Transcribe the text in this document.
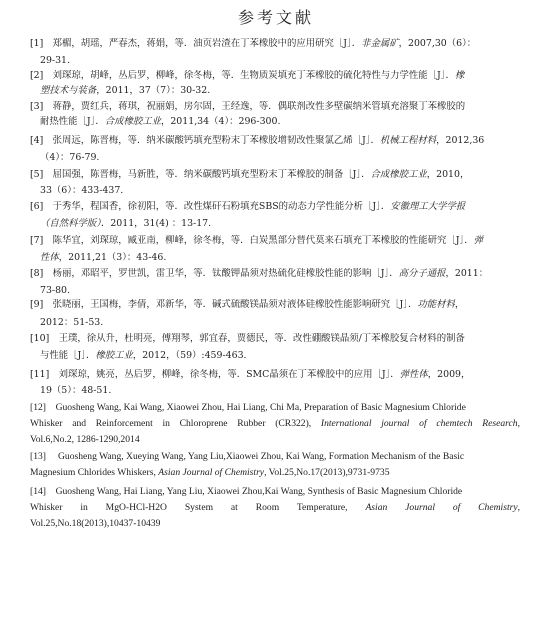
参考文献
[1]　郑楣，胡瑶，严春杰，蒋娟，等．油页岩渣在丁苯橡胶中的应用研究［J］．非金属矿，2007,30（6）：
29-31.
[2]　刘琛琼，胡峰，丛后罗，柳峰，徐冬梅，等．生物质炭填充丁苯橡胶的硫化特性与力学性能［J］．橡
塑技术与装备，2011，37（7）：30-32.
[3]　蒋静，贾红兵，蒋琪，祝丽娟，房尔固，王经逸，等．偶联剂改性多壁碳纳米管填充溶聚丁苯橡胶的
耐热性能［J］．合成橡胶工业，2011,34（4）：296-300.
[4]　张周远，陈晋梅，等．纳米碳酸钙填充型粉末丁苯橡胶增韧改性聚氯乙烯［J］．机械工程材料，2012,36
（4）：76-79.
[5]　屈国强，陈晋梅，马新胜，等．纳米碳酸钙填充型粉末丁苯橡胶的制备［J］．合成橡胶工业，2010，
33（6）：433-437.
[6]　于秀华，程国香，徐初阳，等．改性煤矸石粉填充SBS的动态力学性能分析［J］．安徽理工大学学报
（自然科学版）．2011，31(4) ：13-17.
[7]　陈华宜，刘琛琼，臧亚南，柳峰，徐冬梅，等．白炭黑部分替代莫来石填充丁苯橡胶的性能研究［J］．弹
性体，2011,21（3）：43-46.
[8]　杨丽，邓昭平，罗世凯，雷卫华，等．钛酸钾晶须对热硫化硅橡胶性能的影响［J］．高分子通报，2011：
73-80.
[9]　张晓丽，王国梅，李倩，邓新华，等．碱式硫酸镁晶须对液体硅橡胶性能影响研究［J］．功能材料，
2012：51-53.
[10]　王璞，徐从升，杜明亮，傅翔琴，郭宜春，贾德民，等．改性硼酸镁晶须/丁苯橡胶复合材料的制备
与性能［J］．橡胶工业，2012，（59）:459-463.
[11]　刘琛琼，姚亮，丛后罗，柳峰，徐冬梅，等．SMC晶须在丁苯橡胶中的应用［J］．弹性体，2009，
19（5）：48-51.
[12]　Guosheng Wang, Kai Wang, Xiaowei Zhou, Hai Liang, Chi Ma, Preparation of Basic Magnesium Chloride
Whisker and Reinforcement in Chloroprene Rubber (CR322), International journal of chemtech Research,
Vol.6,No.2, 1286-1290,2014
[13]　 Guosheng Wang, Xueying Wang, Yang Liu,Xiaowei Zhou, Kai Wang, Formation Mechanism of the Basic
Magnesium Chlorides Whiskers, Asian Journal of Chemistry, Vol.25,No.17(2013),9731-9735
[14]　Guosheng Wang, Hai Liang, Yang Liu, Xiaowei Zhou,Kai Wang, Synthesis of Basic Magnesium Chloride
Whisker in MgO-HCl-H2O System at Room Temperature, Asian Journal of Chemistry,
Vol.25,No.18(2013),10437-10439
